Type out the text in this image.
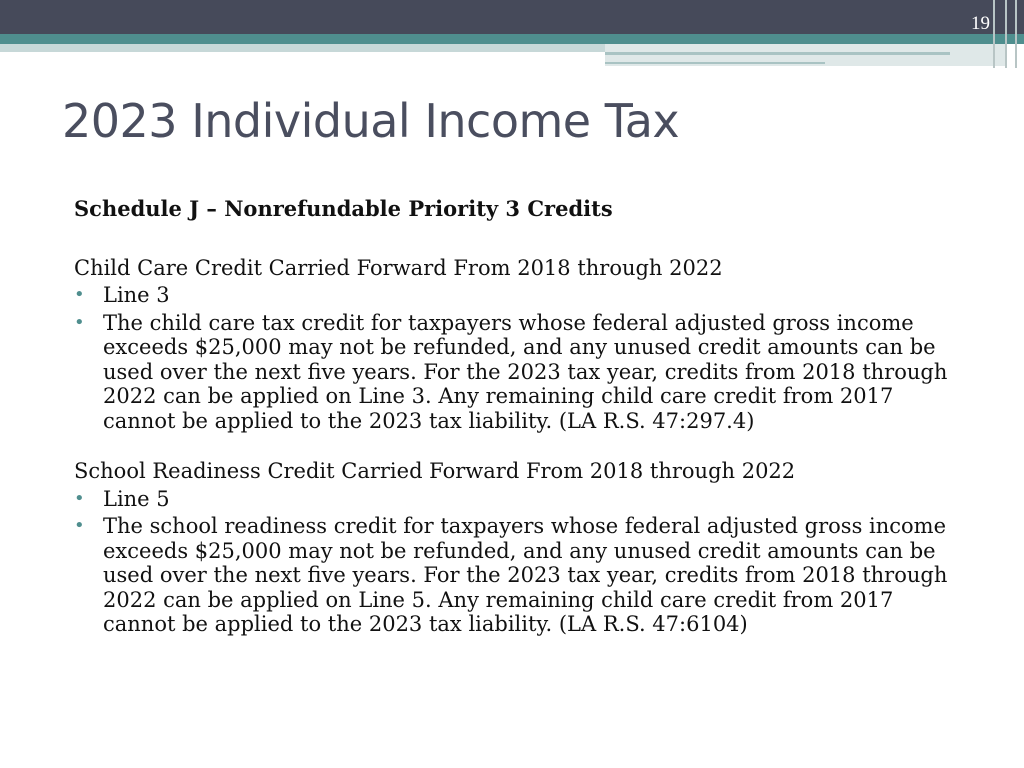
19
2023 Individual Income Tax

Schedule J – Nonrefundable Priority 3 Credits

Child Care Credit Carried Forward From 2018 through 2022

• Line 3
• The child care tax credit for taxpayers whose federal adjusted gross income exceeds $25,000 may not be refunded, and any unused credit amounts can be used over the next five years. For the 2023 tax year, credits from 2018 through 2022 can be applied on Line 3. Any remaining child care credit from 2017 cannot be applied to the 2023 tax liability. (LA R.S. 47:297.4)

School Readiness Credit Carried Forward From 2018 through 2022

• Line 5
• The school readiness credit for taxpayers whose federal adjusted gross income exceeds $25,000 may not be refunded, and any unused credit amounts can be used over the next five years. For the 2023 tax year, credits from 2018 through 2022 can be applied on Line 5. Any remaining child care credit from 2017 cannot be applied to the 2023 tax liability. (LA R.S. 47:6104)
